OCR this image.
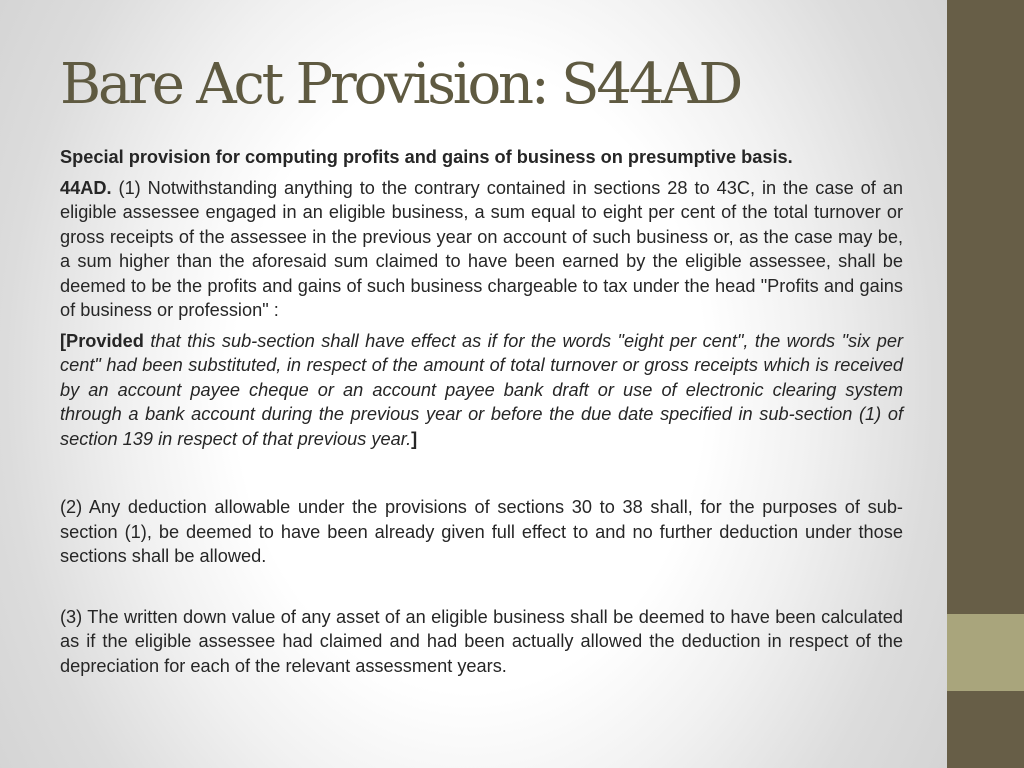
Bare Act Provision: S44AD

Special provision for computing profits and gains of business on presumptive basis.

44AD. (1) Notwithstanding anything to the contrary contained in sections 28 to 43C, in the case of an eligible assessee engaged in an eligible business, a sum equal to eight per cent of the total turnover or gross receipts of the assessee in the previous year on account of such business or, as the case may be, a sum higher than the aforesaid sum claimed to have been earned by the eligible assessee, shall be deemed to be the profits and gains of such business chargeable to tax under the head "Profits and gains of business or profession" :

[Provided that this sub-section shall have effect as if for the words "eight per cent", the words "six per cent" had been substituted, in respect of the amount of total turnover or gross receipts which is received by an account payee cheque or an account payee bank draft or use of electronic clearing system through a bank account during the previous year or before the due date specified in sub-section (1) of section 139 in respect of that previous year.]

(2) Any deduction allowable under the provisions of sections 30 to 38 shall, for the purposes of sub-section (1), be deemed to have been already given full effect to and no further deduction under those sections shall be allowed.

(3) The written down value of any asset of an eligible business shall be deemed to have been calculated as if the eligible assessee had claimed and had been actually allowed the deduction in respect of the depreciation for each of the relevant assessment years.
